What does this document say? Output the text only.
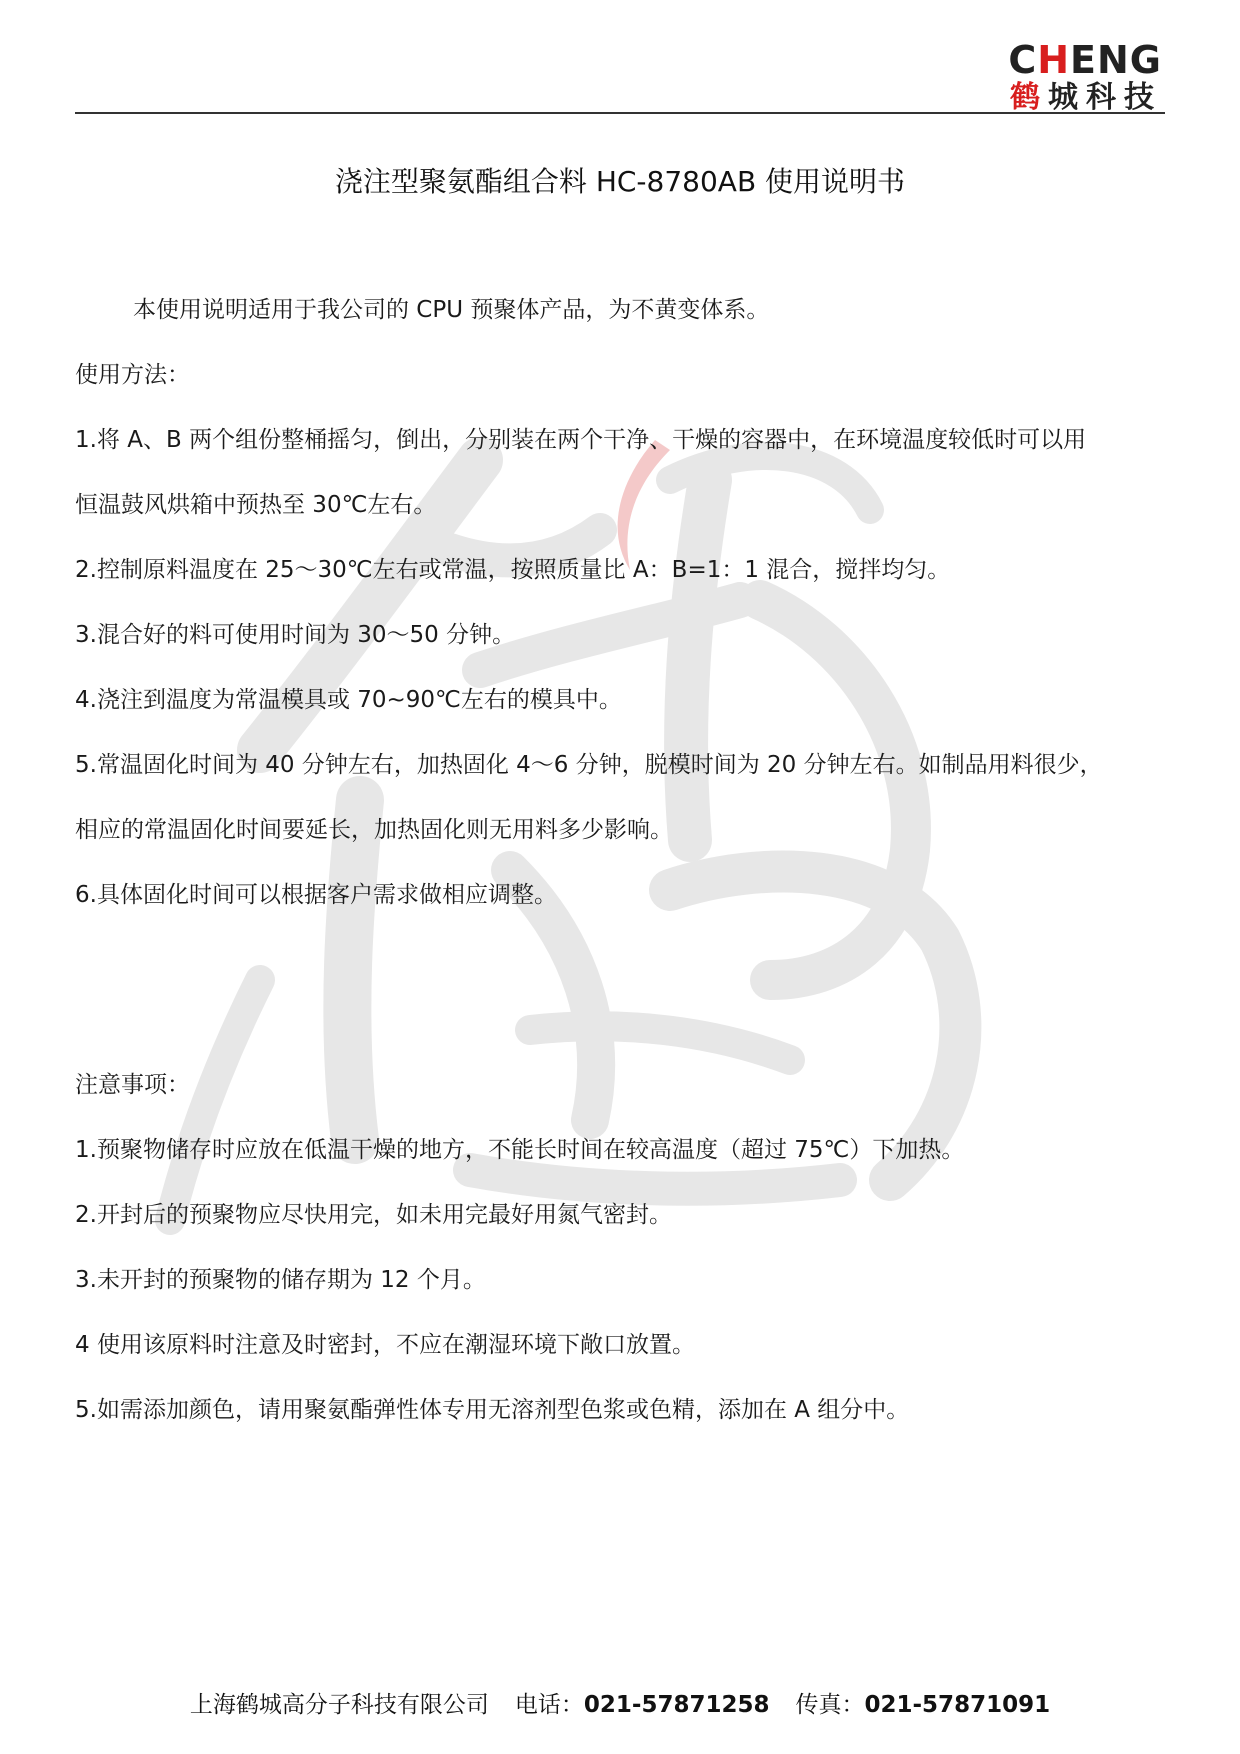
CHENG
鹤城科技
浇注型聚氨酯组合料 HC-8780AB 使用说明书
本使用说明适用于我公司的 CPU 预聚体产品，为不黄变体系。
使用方法：
1.将 A、B 两个组份整桶摇匀，倒出，分别装在两个干净、干燥的容器中，在环境温度较低时可以用
恒温鼓风烘箱中预热至 30℃左右。
2.控制原料温度在 25～30℃左右或常温，按照质量比 A：B=1：1 混合，搅拌均匀。
3.混合好的料可使用时间为 30～50 分钟。
4.浇注到温度为常温模具或 70~90℃左右的模具中。
5.常温固化时间为 40 分钟左右，加热固化 4～6 分钟，脱模时间为 20 分钟左右。如制品用料很少，
相应的常温固化时间要延长，加热固化则无用料多少影响。
6.具体固化时间可以根据客户需求做相应调整。
注意事项：
1.预聚物储存时应放在低温干燥的地方，不能长时间在较高温度（超过 75℃）下加热。
2.开封后的预聚物应尽快用完，如未用完最好用氮气密封。
3.未开封的预聚物的储存期为 12 个月。
4 使用该原料时注意及时密封，不应在潮湿环境下敞口放置。
5.如需添加颜色，请用聚氨酯弹性体专用无溶剂型色浆或色精，添加在 A 组分中。
上海鹤城高分子科技有限公司 电话：021-57871258 传真：021-57871091
